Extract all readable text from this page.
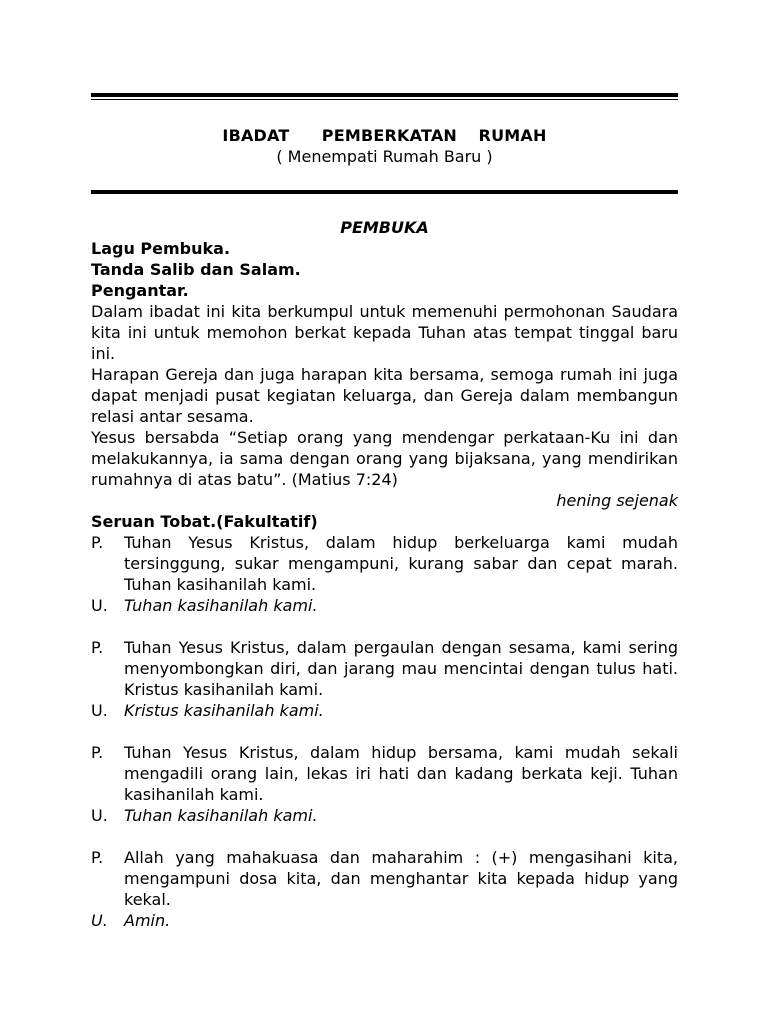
IBADAT   PEMBERKATAN  RUMAH
( Menempati Rumah Baru )
PEMBUKA
Lagu Pembuka.
Tanda Salib dan Salam.
Pengantar.

Dalam ibadat ini kita berkumpul untuk memenuhi permohonan Saudara kita ini untuk memohon berkat kepada Tuhan atas tempat tinggal baru ini.

Harapan Gereja dan juga harapan kita bersama, semoga rumah ini juga dapat menjadi pusat kegiatan keluarga, dan Gereja dalam membangun relasi antar sesama.

Yesus bersabda “Setiap orang yang mendengar perkataan-Ku ini dan melakukannya, ia sama dengan orang yang bijaksana, yang mendirikan rumahnya di atas batu”. (Matius 7:24)

hening sejenak
Seruan Tobat.(Fakultatif)
P.	Tuhan Yesus Kristus, dalam hidup berkeluarga kami mudah tersinggung, sukar mengampuni, kurang sabar dan cepat marah. Tuhan kasihanilah kami.
U.	Tuhan kasihanilah kami.
P.	Tuhan Yesus Kristus, dalam pergaulan dengan sesama, kami sering menyombongkan diri, dan jarang mau mencintai dengan tulus hati. Kristus kasihanilah kami.
U.	Kristus kasihanilah kami.
P.	Tuhan Yesus Kristus, dalam hidup bersama, kami mudah sekali mengadili orang lain, lekas iri hati dan kadang berkata keji. Tuhan kasihanilah kami.
U.	Tuhan kasihanilah kami.
P.	Allah yang mahakuasa dan maharahim : (+) mengasihani kita, mengampuni dosa kita, dan menghantar kita kepada hidup yang kekal.
U.	Amin.
